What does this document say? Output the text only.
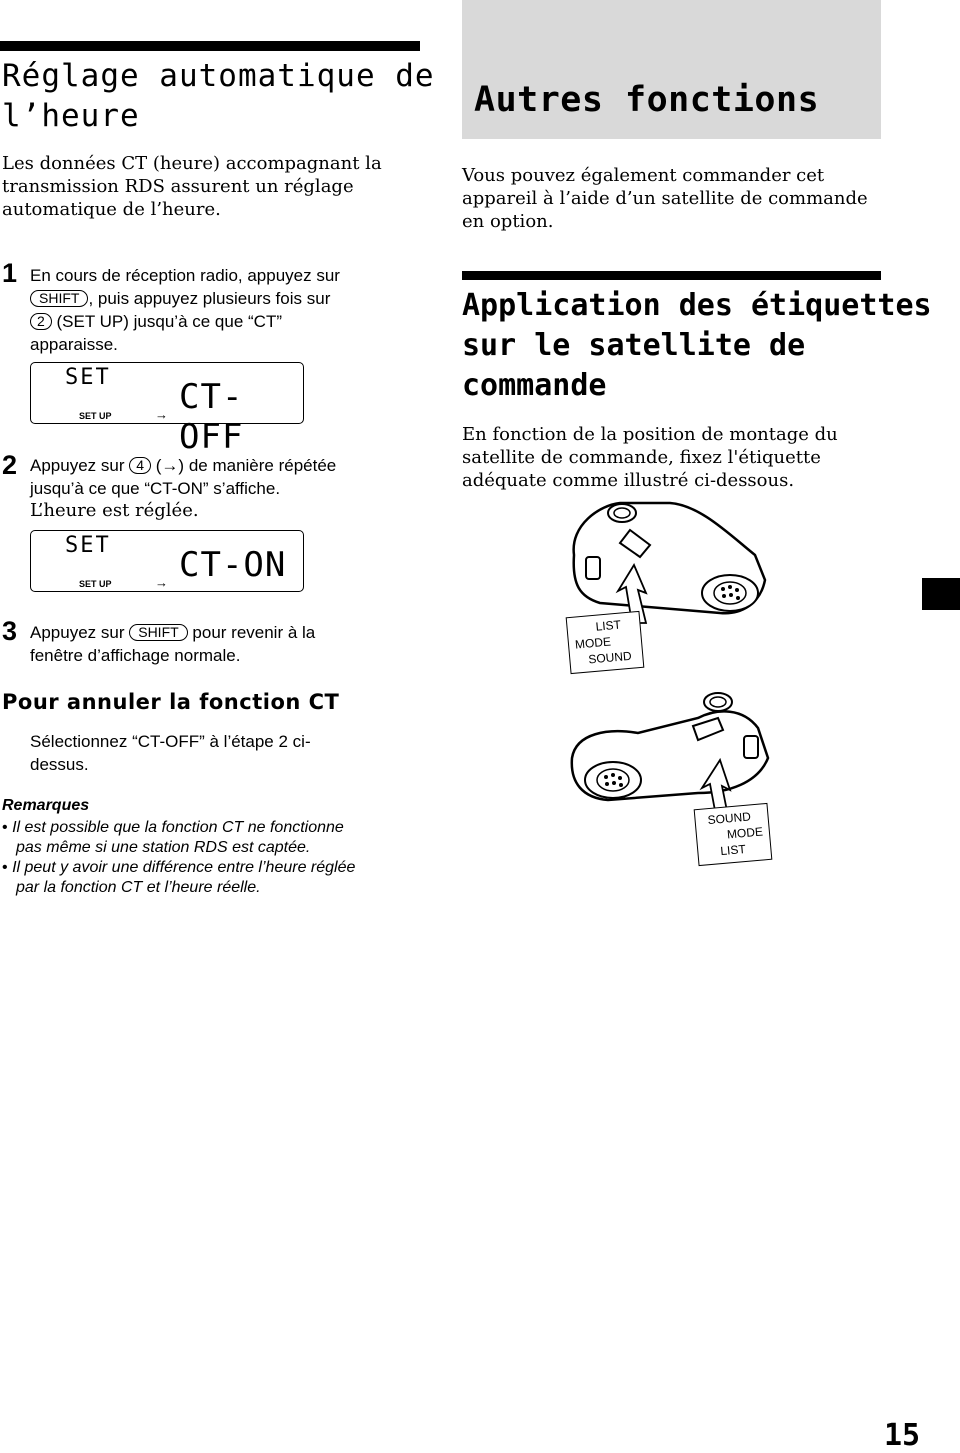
Réglage automatique de
l’heure
Les données CT (heure) accompagnant la
transmission RDS assurent un réglage
automatique de l’heure.
1 En cours de réception radio, appuyez sur
SHIFT , puis appuyez plusieurs fois sur
2 (SET UP) jusqu’à ce que “CT”
apparaisse.
SET CT-OFF
SET UP	→
2 Appuyez sur 4 (→) de manière répétée
jusqu’à ce que “CT-ON” s’affiche.
L’heure est réglée.
SET CT-ON
SET UP	→
3 Appuyez sur SHIFT pour revenir à la
fenêtre d’affichage normale.
Pour annuler la fonction CT
Sélectionnez “CT-OFF” à l’étape 2 ci-
dessus.
Remarques
• Il est possible que la fonction CT ne fonctionne
pas même si une station RDS est captée.
• Il peut y avoir une différence entre l’heure réglée
par la fonction CT et l’heure réelle.
Autres fonctions
Vous pouvez également commander cet
appareil à l’aide d’un satellite de commande
en option.
Application des étiquettes
sur le satellite de
commande
En fonction de la position de montage du
satellite de commande, fixez l'étiquette
adéquate comme illustré ci-dessous.
LIST
MODE
SOUND
SOUND
MODE
LIST
15
